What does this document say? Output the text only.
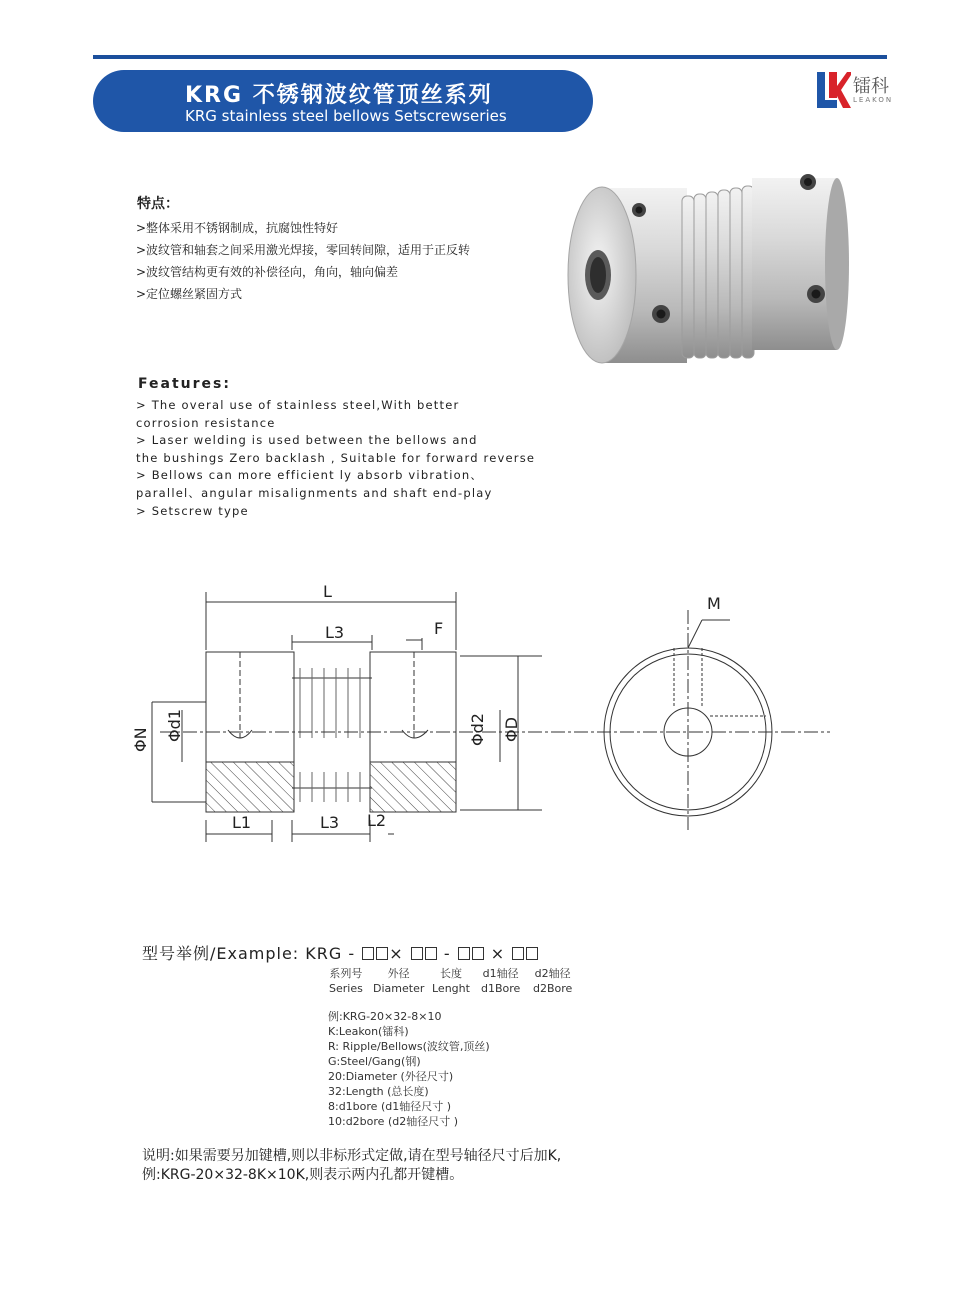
KRG 不锈钢波纹管顶丝系列
KRG stainless steel bellows Setscrewseries
镭科
LEAKON
特点：
>整体采用不锈钢制成，抗腐蚀性特好
>波纹管和轴套之间采用激光焊接，零回转间隙，适用于正反转
>波纹管结构更有效的补偿径向，角向，轴向偏差
>定位螺丝紧固方式
Features:
> The overal use of stainless steel,With better
corrosion resistance
> Laser welding is used between the bellows and
the bushings Zero backlash , Suitable for forward reverse
> Bellows can more efficient ly absorb vibration、
parallel、angular misalignments and shaft end-play
> Setscrew type
L
L3	F
ΦN Φd1	Φd2 ΦD
L1	L3 L2
M
型号举例/Example: KRG - ×  -  ×
系列号
Series
外径
Diameter
长度
Lenght
d1轴径
d1Bore
d2轴径
d2Bore
例:KRG-20×32-8×10
K:Leakon(镭科)
R: Ripple/Bellows(波纹管,顶丝)
G:Steel/Gang(钢)
20:Diameter (外径尺寸)
32:Length (总长度)
8:d1bore (d1轴径尺寸 )
10:d2bore (d2轴径尺寸 )
说明:如果需要另加键槽,则以非标形式定做,请在型号轴径尺寸后加K,
例:KRG-20×32-8K×10K,则表示两内孔都开键槽。
